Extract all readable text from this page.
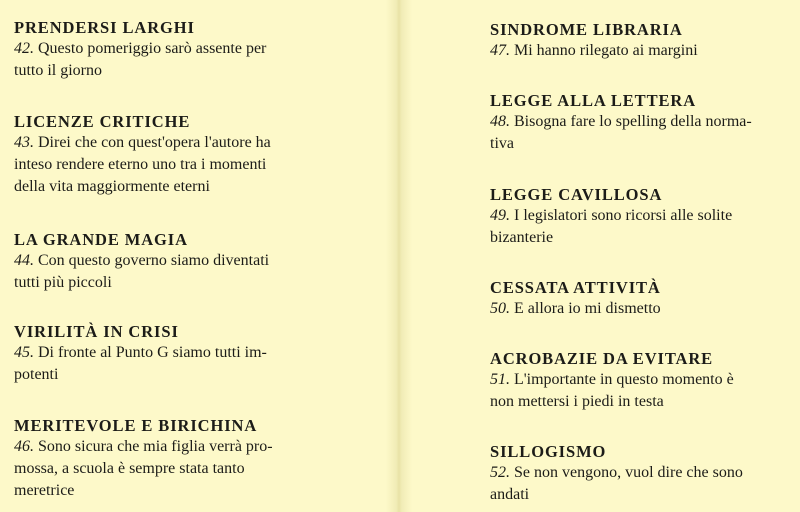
PRENDERSI LARGHI

42. Questo pomeriggio sarò assente per
tutto il giorno

LICENZE CRITICHE

43. Direi che con quest'opera l'autore ha
inteso rendere eterno uno tra i momenti
della vita maggiormente eterni

LA GRANDE MAGIA

44. Con questo governo siamo diventati
tutti più piccoli

VIRILITÀ IN CRISI

45. Di fronte al Punto G siamo tutti im-
potenti

MERITEVOLE E BIRICHINA

46. Sono sicura che mia figlia verrà pro-
mossa, a scuola è sempre stata tanto
meretrice

SINDROME LIBRARIA

47. Mi hanno rilegato ai margini

LEGGE ALLA LETTERA

48. Bisogna fare lo spelling della norma-
tiva

LEGGE CAVILLOSA

49. I legislatori sono ricorsi alle solite
bizanterie

CESSATA ATTIVITÀ

50. E allora io mi dismetto

ACROBAZIE DA EVITARE

51. L'importante in questo momento è
non mettersi i piedi in testa

SILLOGISMO

52. Se non vengono, vuol dire che sono
andati
